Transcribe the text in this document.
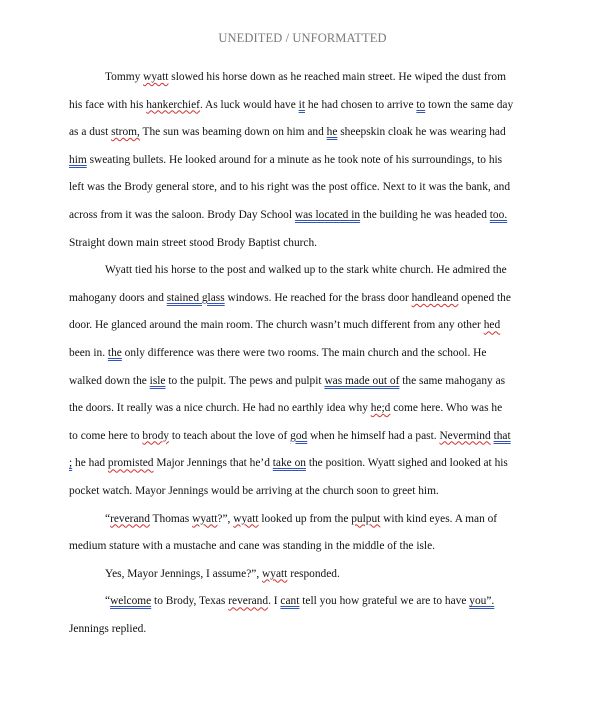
UNEDITED / UNFORMATTED

Tommy wyatt slowed his horse down as he reached main street. He wiped the dust from
his face with his hankerchief. As luck would have it he had chosen to arrive to town the same day
as a dust strom, The sun was beaming down on him and he sheepskin cloak he was wearing had
him sweating bullets. He looked around for a minute as he took note of his surroundings, to his
left was the Brody general store, and to his right was the post office. Next to it was the bank, and
across from it was the saloon. Brody Day School was located in the building he was headed too.
Straight down main street stood Brody Baptist church.

Wyatt tied his horse to the post and walked up to the stark white church. He admired the
mahogany doors and stained glass windows. He reached for the brass door handleand opened the
door. He glanced around the main room. The church wasn’t much different from any other hed
been in. the only difference was there were two rooms. The main church and the school. He
walked down the isle to the pulpit. The pews and pulpit was made out of the same mahogany as
the doors. It really was a nice church. He had no earthly idea why he;d come here. Who was he
to come here to brody to teach about the love of god when he himself had a past. Nevermind that
; he had promisted Major Jennings that he’d take on the position. Wyatt sighed and looked at his
pocket watch. Mayor Jennings would be arriving at the church soon to greet him.

“reverand Thomas wyatt?”, wyatt looked up from the pulput with kind eyes. A man of
medium stature with a mustache and cane was standing in the middle of the isle.

Yes, Mayor Jennings, I assume?”, wyatt responded.

“welcome to Brody, Texas reverand. I cant tell you how grateful we are to have you”.
Jennings replied.
